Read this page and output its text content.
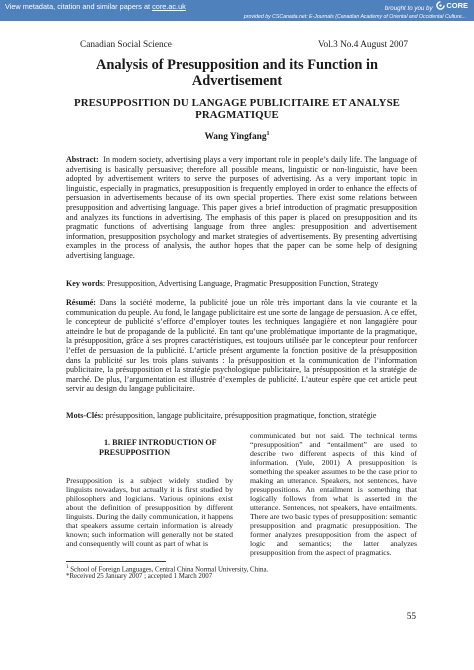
View metadata, citation and similar papers at core.ac.uk	brought to you by CORE
provided by CSCanada.net: E-Journals (Canadian Academy of Oriental and Occidental Culture...
Canadian Social Science	Vol.3 No.4 August 2007
Analysis of Presupposition and its Function in
Advertisement
PRESUPPOSITION DU LANGAGE PUBLICITAIRE ET ANALYSE
PRAGMATIQUE
Wang Yingfang$^1$
Abstract: In modern society, advertising plays a very important role in people’s daily life. The language of advertising is basically persuasive; therefore all possible means, linguistic or non-linguistic, have been adopted by advertisement writers to serve the purposes of advertising. As a very important topic in linguistic, especially in pragmatics, presupposition is frequently employed in order to enhance the effects of persuasion in advertisements because of its own special properties. There exist some relations between presupposition and advertising language. This paper gives a brief introduction of pragmatic presupposition and analyzes its functions in advertising. The emphasis of this paper is placed on presupposition and its pragmatic functions of advertising language from three angles: presupposition and advertisement information, presupposition psychology and market strategies of advertisements. By presenting advertising examples in the process of analysis, the author hopes that the paper can be some help of designing advertising language.
Key words: Presupposition, Advertising Language, Pragmatic Presupposition Function, Strategy
Résumé: Dans la société moderne, la publicité joue un rôle très important dans la vie courante et la communication du peuple. Au fond, le langage publicitaire est une sorte de langage de persuasion. A ce effet, le concepteur de publicité s’efforce d’employer toutes les techniques langagière et non langagière pour atteindre le but de propagande de la publicité. En tant qu’une problématique importante de la pragmatique, la présupposition, grâce à ses propres caractéristiques, est toujours utilisée par le concepteur pour renforcer l’effet de persuasion de la publicité. L’article présent argumente la fonction positive de la présupposition dans la publicité sur les trois plans suivants : la présupposition et la communication de l’information publicitaire, la présupposition et la stratégie psychologique publicitaire, la présupposition et la stratégie de marché. De plus, l’argumentation est illustrée d’exemples de publicité. L’auteur espère que cet article peut servir au design du langage publicitaire.
Mots-Clés: présupposition, langage publicitaire, présupposition pragmatique, fonction, stratégie
1. BRIEF INTRODUCTION OF
PRESUPPOSITION
Presupposition is a subject widely studied by linguists nowadays, but actually it is first studied by philosophers and logicians. Various opinions exist about the definition of presupposition by different linguists. During the daily communication, it happens that speakers assume certain information is already known; such information will generally not be stated and consequently will count as part of what is
communicated but not said. The technical terms “presupposition” and “entailment” are used to describe two different aspects of this kind of information. (Yule, 2001) A presupposition is something the speaker assumes to be the case prior to making an utterance. Speakers, not sentences, have presuppositions. An entailment is something that logically follows from what is asserted in the utterance. Sentences, not speakers, have entailments. There are two basic types of presupposition: semantic presupposition and pragmatic presupposition. The former analyzes presupposition from the aspect of logic and semantics; the latter analyzes presupposition from the aspect of pragmatics.
$^1$ School of Foreign Languages, Central China Normal University, China.
*Received 25 January 2007 ; accepted 1 March 2007
55
